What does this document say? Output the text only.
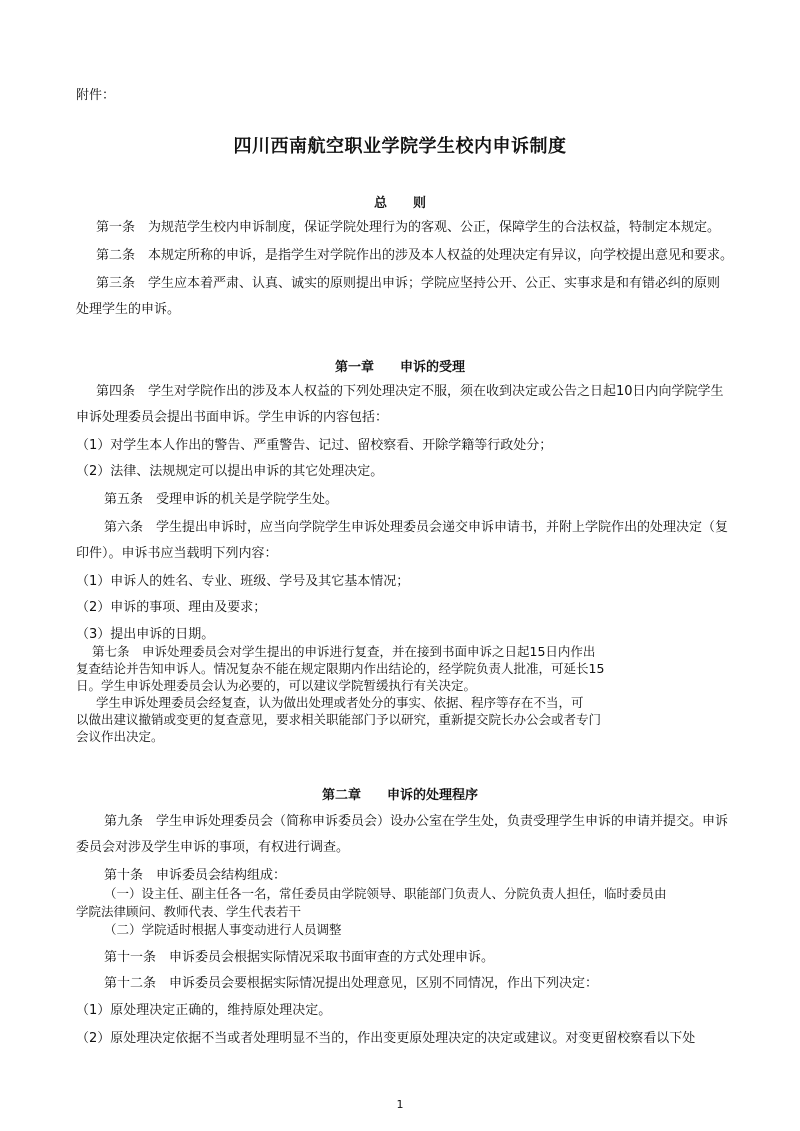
附件：
四川西南航空职业学院学生校内申诉制度
总　　则
第一条　为规范学生校内申诉制度，保证学院处理行为的客观、公正，保障学生的合法权益，特制定本规定。
第二条　本规定所称的申诉，是指学生对学院作出的涉及本人权益的处理决定有异议，向学校提出意见和要求。
第三条　学生应本着严肃、认真、诚实的原则提出申诉；学院应坚持公开、公正、实事求是和有错必纠的原则
处理学生的申诉。
第一章　　申诉的受理
第四条　学生对学院作出的涉及本人权益的下列处理决定不服，须在收到决定或公告之日起10日内向学院学生
申诉处理委员会提出书面申诉。学生申诉的内容包括：
（1）对学生本人作出的警告、严重警告、记过、留校察看、开除学籍等行政处分；
（2）法律、法规规定可以提出申诉的其它处理决定。
第五条　受理申诉的机关是学院学生处。
第六条　学生提出申诉时，应当向学院学生申诉处理委员会递交申诉申请书，并附上学院作出的处理决定（复
印件）。申诉书应当载明下列内容：
（1）申诉人的姓名、专业、班级、学号及其它基本情况；
（2）申诉的事项、理由及要求；
（3）提出申诉的日期。
第七条　申诉处理委员会对学生提出的申诉进行复查，并在接到书面申诉之日起15日内作出
复查结论并告知申诉人。情况复杂不能在规定限期内作出结论的，经学院负责人批准，可延长15
日。学生申诉处理委员会认为必要的，可以建议学院暂缓执行有关决定。
学生申诉处理委员会经复查，认为做出处理或者处分的事实、依据、程序等存在不当，可
以做出建议撤销或变更的复查意见，要求相关职能部门予以研究，重新提交院长办公会或者专门
会议作出决定。
第二章　　申诉的处理程序
第九条　学生申诉处理委员会（简称申诉委员会）设办公室在学生处，负责受理学生申诉的申请并提交。申诉
委员会对涉及学生申诉的事项，有权进行调查。
第十条　申诉委员会结构组成：
（一）设主任、副主任各一名，常任委员由学院领导、职能部门负责人、分院负责人担任，临时委员由
学院法律顾问、教师代表、学生代表若干
（二）学院适时根据人事变动进行人员调整
第十一条　申诉委员会根据实际情况采取书面审查的方式处理申诉。
第十二条　申诉委员会要根据实际情况提出处理意见，区别不同情况，作出下列决定：
（1）原处理决定正确的，维持原处理决定。
（2）原处理决定依据不当或者处理明显不当的，作出变更原处理决定的决定或建议。对变更留校察看以下处
1
